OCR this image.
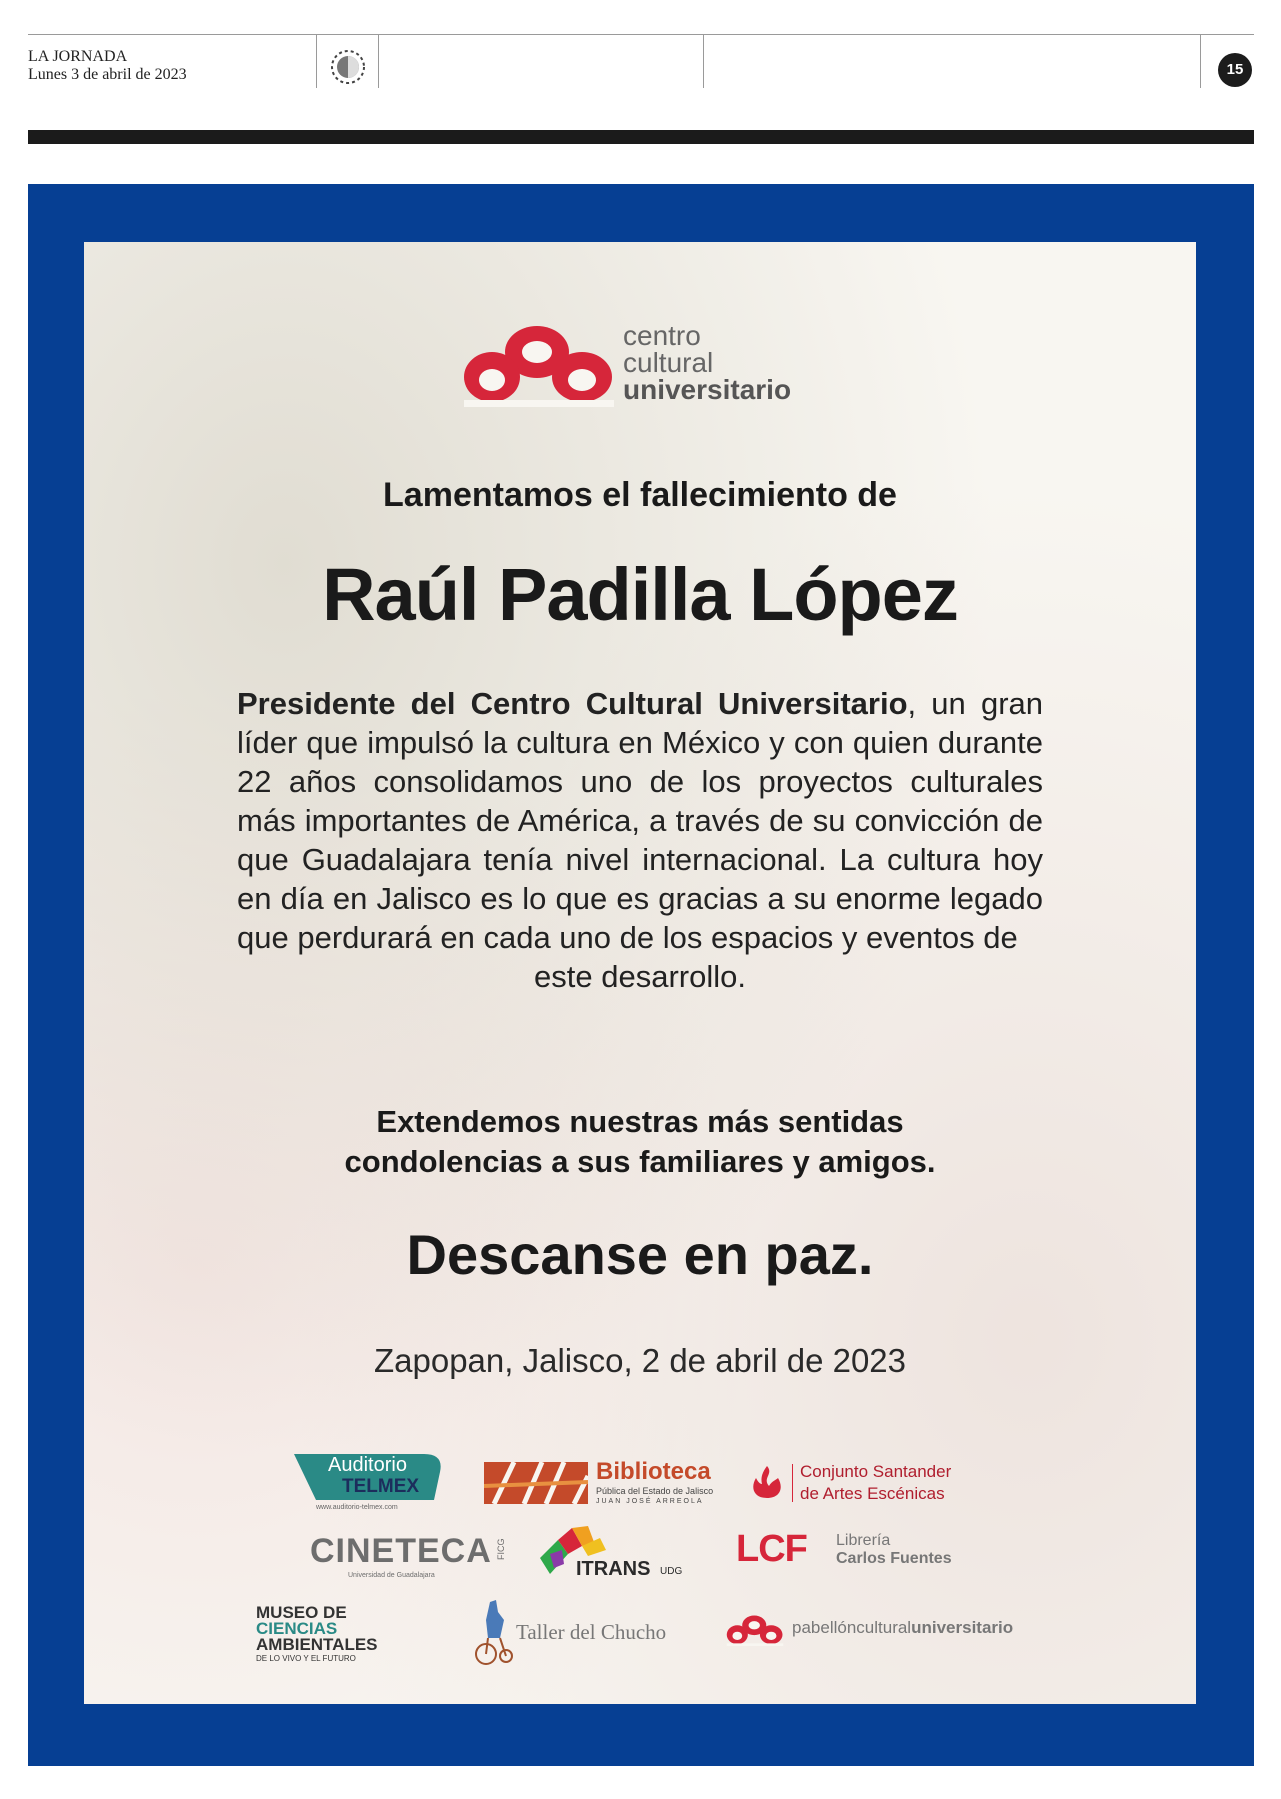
LA JORNADA
Lunes 3 de abril de 2023	15
centro
cultural
universitario
Lamentamos el fallecimiento de
Raúl Padilla López
Presidente del Centro Cultural Universitario, un gran líder que impulsó la cultura en México y con quien durante 22 años consolidamos uno de los proyectos culturales más importantes de América, a través de su convicción de que Guadalajara tenía nivel internacional. La cultura hoy en día en Jalisco es lo que es gracias a su enorme legado que perdurará en cada uno de los espacios y eventos de
este desarrollo.
Extendemos nuestras más sentidas
condolencias a sus familiares y amigos.
Descanse en paz.
Zapopan, Jalisco, 2 de abril de 2023
Auditorio
TELMEX
www.auditorio-telmex.com
Biblioteca
Pública del Estado de Jalisco
JUAN JOSÉ ARREOLA
Conjunto Santander
de Artes Escénicas
CINETECA FICG
Universidad de Guadalajara	ITRANS UDG
LCF Librería
Carlos Fuentes
MUSEO DE
CIENCIAS
AMBIENTALES
DE LO VIVO Y EL FUTURO
Taller del Chucho	pabellónculturaluniversitario
